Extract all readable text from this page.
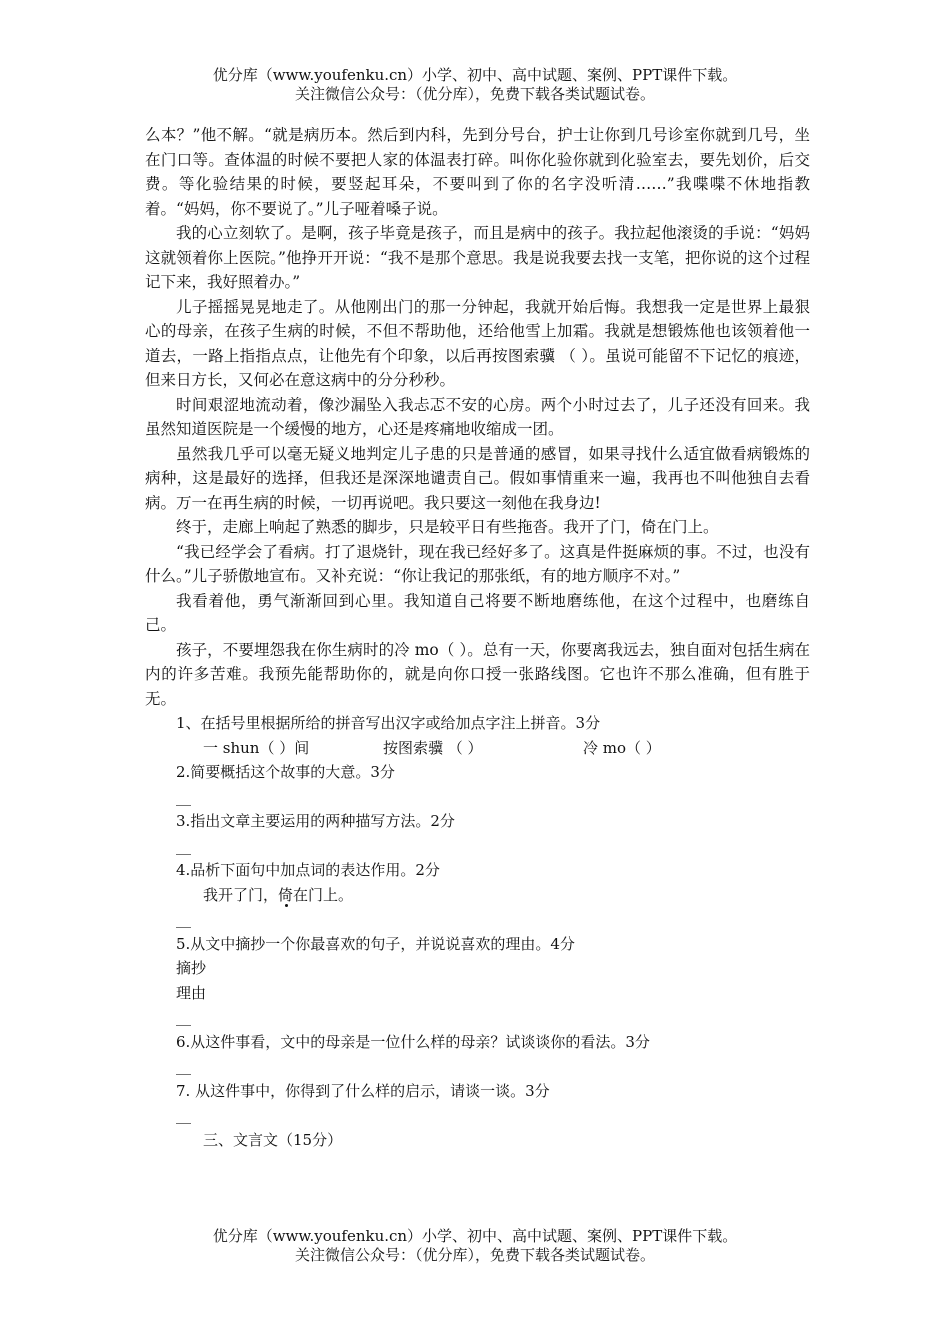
优分库（www.youfenku.cn）小学、初中、高中试题、案例、PPT课件下载。
关注微信公众号：（优分库），免费下载各类试题试卷。

么本？”他不解。“就是病历本。然后到内科，先到分号台，护士让你到几号诊室你就到几号，坐在门口等。查体温的时候不要把人家的体温表打碎。叫你化验你就到化验室去，要先划价，后交费。等化验结果的时候，要竖起耳朵，不要叫到了你的名字没听清……”我喋喋不休地指教着。“妈妈，你不要说了。”儿子哑着嗓子说。

我的心立刻软了。是啊，孩子毕竟是孩子，而且是病中的孩子。我拉起他滚烫的手说：“妈妈这就领着你上医院。”他挣开开说：“我不是那个意思。我是说我要去找一支笔，把你说的这个过程记下来，我好照着办。”

儿子摇摇晃晃地走了。从他刚出门的那一分钟起，我就开始后悔。我想我一定是世界上最狠心的母亲，在孩子生病的时候，不但不帮助他，还给他雪上加霜。我就是想锻炼他也该领着他一道去，一路上指指点点，让他先有个印象，以后再按图索骥 （ ）。虽说可能留不下记忆的痕迹，但来日方长，又何必在意这病中的分分秒秒。

时间艰涩地流动着，像沙漏坠入我忐忑不安的心房。两个小时过去了，儿子还没有回来。我虽然知道医院是一个缓慢的地方，心还是疼痛地收缩成一团。

虽然我几乎可以毫无疑义地判定儿子患的只是普通的感冒，如果寻找什么适宜做看病锻炼的病种，这是最好的选择，但我还是深深地谴责自己。假如事情重来一遍，我再也不叫他独自去看病。万一在再生病的时候，一切再说吧。我只要这一刻他在我身边!

终于，走廊上响起了熟悉的脚步，只是较平日有些拖沓。我开了门，倚在门上。

“我已经学会了看病。打了退烧针，现在我已经好多了。这真是件挺麻烦的事。不过，也没有什么。”儿子骄傲地宣布。又补充说：“你让我记的那张纸，有的地方顺序不对。”

我看着他，勇气渐渐回到心里。我知道自己将要不断地磨练他，在这个过程中，也磨练自己。

孩子，不要埋怨我在你生病时的冷 mo（ ）。总有一天，你要离我远去，独自面对包括生病在内的许多苦难。我预先能帮助你的，就是向你口授一张路线图。它也许不那么准确，但有胜于无。

1、在括号里根据所给的拼音写出汉字或给加点字注上拼音。3分

一 shun（ ）间	按图索骥 （ ）	冷 mo（ ）

2.简要概括这个故事的大意。3分

__

3.指出文章主要运用的两种描写方法。2分

__

4.品析下面句中加点词的表达作用。2分

我开了门，倚在门上。

__

5.从文中摘抄一个你最喜欢的句子，并说说喜欢的理由。4分

摘抄

理由

__

6.从这件事看，文中的母亲是一位什么样的母亲？试谈谈你的看法。3分

__

7. 从这件事中，你得到了什么样的启示，请谈一谈。3分

__

三、文言文（15分）

优分库（www.youfenku.cn）小学、初中、高中试题、案例、PPT课件下载。
关注微信公众号：（优分库），免费下载各类试题试卷。
